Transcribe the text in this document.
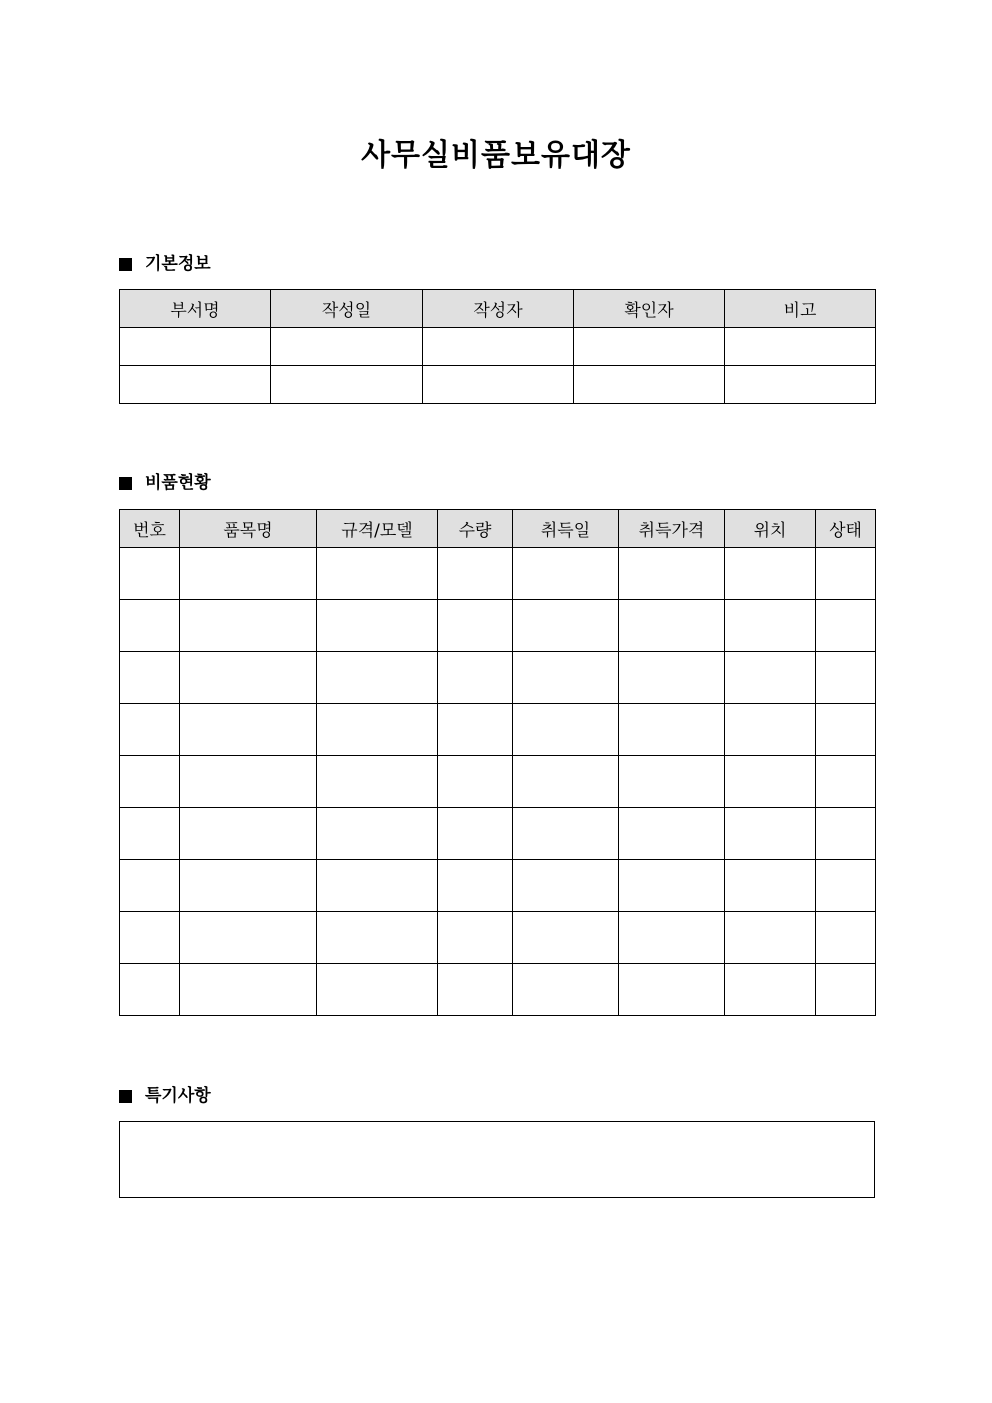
사무실비품보유대장
기본정보
부서명	작성일	작성자	확인자	비고

비품현황
번호	품목명	규격/모델	수량	취득일	취득가격	위치	상태

특기사항
